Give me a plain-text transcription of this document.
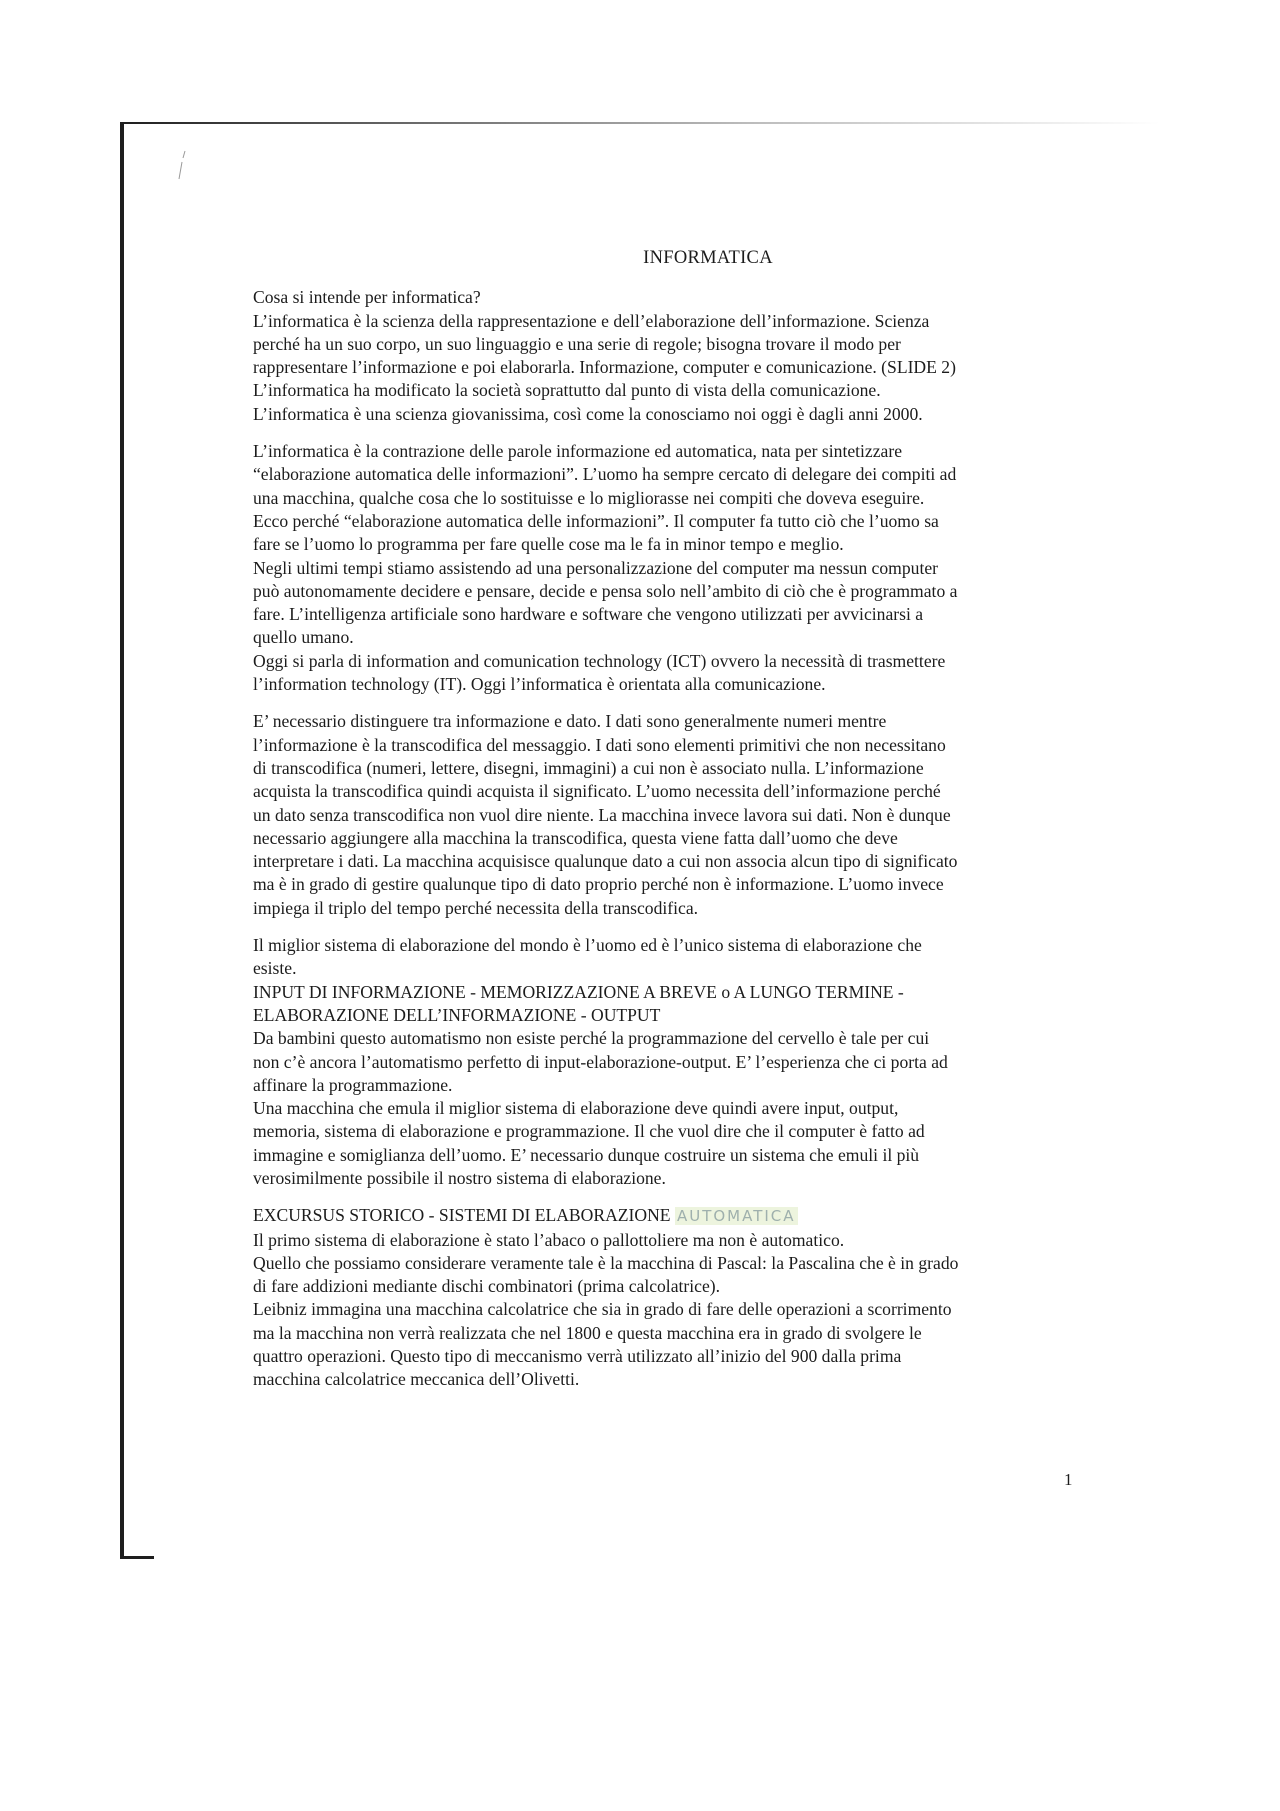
INFORMATICA
Cosa si intende per informatica?
L’informatica è la scienza della rappresentazione e dell’elaborazione dell’informazione. Scienza
perché ha un suo corpo, un suo linguaggio e una serie di regole; bisogna trovare il modo per
rappresentare l’informazione e poi elaborarla. Informazione, computer e comunicazione. (SLIDE 2)
L’informatica ha modificato la società soprattutto dal punto di vista della comunicazione.
L’informatica è una scienza giovanissima, così come la conosciamo noi oggi è dagli anni 2000.
L’informatica è la contrazione delle parole informazione ed automatica, nata per sintetizzare
“elaborazione automatica delle informazioni”. L’uomo ha sempre cercato di delegare dei compiti ad
una macchina, qualche cosa che lo sostituisse e lo migliorasse nei compiti che doveva eseguire.
Ecco perché “elaborazione automatica delle informazioni”. Il computer fa tutto ciò che l’uomo sa
fare se l’uomo lo programma per fare quelle cose ma le fa in minor tempo e meglio.
Negli ultimi tempi stiamo assistendo ad una personalizzazione del computer ma nessun computer
può autonomamente decidere e pensare, decide e pensa solo nell’ambito di ciò che è programmato a
fare. L’intelligenza artificiale sono hardware e software che vengono utilizzati per avvicinarsi a
quello umano.
Oggi si parla di information and comunication technology (ICT) ovvero la necessità di trasmettere
l’information technology (IT). Oggi l’informatica è orientata alla comunicazione.
E’ necessario distinguere tra informazione e dato. I dati sono generalmente numeri mentre
l’informazione è la transcodifica del messaggio. I dati sono elementi primitivi che non necessitano
di transcodifica (numeri, lettere, disegni, immagini) a cui non è associato nulla. L’informazione
acquista la transcodifica quindi acquista il significato. L’uomo necessita dell’informazione perché
un dato senza transcodifica non vuol dire niente. La macchina invece lavora sui dati. Non è dunque
necessario aggiungere alla macchina la transcodifica, questa viene fatta dall’uomo che deve
interpretare i dati. La macchina acquisisce qualunque dato a cui non associa alcun tipo di significato
ma è in grado di gestire qualunque tipo di dato proprio perché non è informazione. L’uomo invece
impiega il triplo del tempo perché necessita della transcodifica.
Il miglior sistema di elaborazione del mondo è l’uomo ed è l’unico sistema di elaborazione che
esiste.
INPUT DI INFORMAZIONE - MEMORIZZAZIONE A BREVE o A LUNGO TERMINE -
ELABORAZIONE DELL’INFORMAZIONE - OUTPUT
Da bambini questo automatismo non esiste perché la programmazione del cervello è tale per cui
non c’è ancora l’automatismo perfetto di input-elaborazione-output. E’ l’esperienza che ci porta ad
affinare la programmazione.
Una macchina che emula il miglior sistema di elaborazione deve quindi avere input, output,
memoria, sistema di elaborazione e programmazione. Il che vuol dire che il computer è fatto ad
immagine e somiglianza dell’uomo. E’ necessario dunque costruire un sistema che emuli il più
verosimilmente possibile il nostro sistema di elaborazione.
EXCURSUS STORICO - SISTEMI DI ELABORAZIONE AUTOMATICA
Il primo sistema di elaborazione è stato l’abaco o pallottoliere ma non è automatico.
Quello che possiamo considerare veramente tale è la macchina di Pascal: la Pascalina che è in grado
di fare addizioni mediante dischi combinatori (prima calcolatrice).
Leibniz immagina una macchina calcolatrice che sia in grado di fare delle operazioni a scorrimento
ma la macchina non verrà realizzata che nel 1800 e questa macchina era in grado di svolgere le
quattro operazioni. Questo tipo di meccanismo verrà utilizzato all’inizio del 900 dalla prima
macchina calcolatrice meccanica dell’Olivetti.
1
